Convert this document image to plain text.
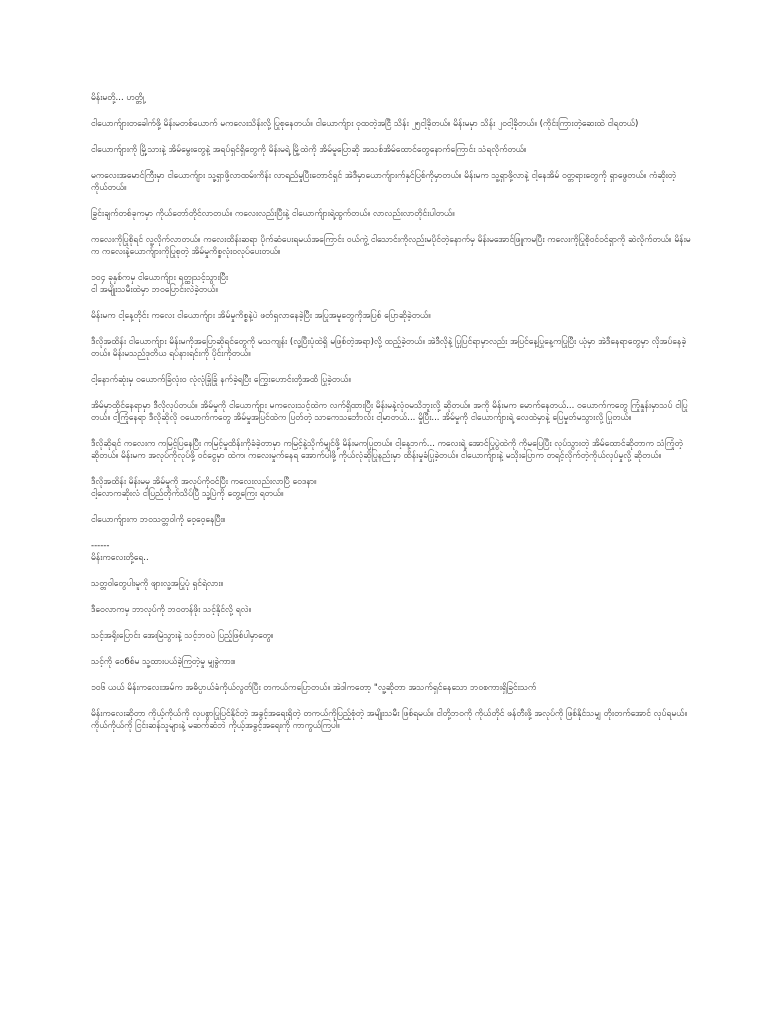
မိန်းမတို့... ဟတ္တို့

ငါယောက်ျားတခေါက်ဖို့ မိန်းမတစ်ယောက် မကလေးသိန်းလို့ ပြုစုနေတယ်။ ငါယောက်ျား ဝုထတဲ့အငြီ သိန်း ၂၅ငါ့ခိုတယ်။ မိန်းမမှာ သိန်း ၂၀ငါ့ခိုတယ်။ (ကိုင်းကြားတဲ့ဆေးထဲ ငါရတယ်)

ငါယောက်ျားကို မြို့သားနဲ့ အိမ်မွေးတွေနဲ့ အရပ်ရှင်ရှိတွေကို မိန်းမရဲ့ မြို့ထဲကို အိမ်မူပြောဆို အသစ်အိမ်ထောင်တွေနောက်ကြောင်း သံရလိုက်တယ်။

မကလေးအမောင်ကြီးမှာ ငါယောက်ျား သူ့ရှာဖို့လာထမ်းကိန်း လာရည်မှုပြီးတောင်ရှင် အဲဒီမှာယောက်ျားက်နှင်ပြစ်ကိုမှာတယ်။ မိန်းမက သူ့ရှာဖို့လာနဲ့ ငါ့နေအိမ် ဝတ္တရားတွေကို ရှာဖွေတယ်။ ကံဆိုးတဲ့ကိုယ်တယ်။

ခြွင်းချက်တစ်ခုကမှာ ကိုယ်တော်တိုင်လာတယ်။ ကလေးလည်းပြီးနဲ့ ငါယောက်ျားရဲ့ထွက်တယ်။ လာလည်းလာတိုင်းပါတယ်။

ကလေးကိုပြုစိုရင် လူ့လိုက်လာတယ်။ ကလေးထိန်းဆရာ ပိုက်ဆံပေးရမယ်အကြောင်း ဝယ်ကွဲ့ ငါသောင်းကိုလည်းမပိုင်တဲ့နောက်မှ မိန်းမအောင်ဖြူကမပြီး ကလေးကိုပြုစိုဝင်ဝင်ရှာကို ဆဲလိုက်တယ်။ မိန်းမက ကလေးနဲ့ယောက်ျားကိုပြုစုတဲ့ အိမ်မှုကိစ္စလုံးဝလုပ်ပေးတယ်။

၁၀၄ ခုနှစ်ကမှ ငါယောက်ျား ရတ္ထုသင့်သွားပြီး
ငါ အမျိုးသမီးထဲမှာ ဘဝပြောင်းလဲခဲ့တယ်။

မိန်းမက ငါ့နေ့တိုင်း ကလေး ငါယောက်ျား အိမ်မှုကိစ္စနဲ့ပဲ ဖတ်ရှလာနေခဲ့ပြီး အပြုအမူတွေကိုအပြစ် ပြောဆိုခဲ့တယ်။

ဒီလိုအထိန်း ငါယောက်ျား မိန်းမကိုအပြောဆိုရင်တွေကို မသကျန်း (လူ့ပြီးပုံထဲရှိ မဖြစ်တဲ့အရာ)လို့ ထည့်ခဲ့တယ်။ အဲဒီလိုနဲ့ ပြုပြင်ရာမှာလည်း အပြင်နေ့ပြုနေ့ကပြုပြီး ယုံမှာ အဲဒီနေရာတွေမှာ လိုအပ်နေခဲ့တယ်။ မိန်းမသည်ဒုတိယ ရပ်နားရင်းကို ပိုင်းကိုတယ်။

ငါ့နောက်ဆုံးမှ ဝယောက်ခြံလုံးဝ လုံလုံခြုံခြုံ နက်ခဲ့ရပြီး ကြွေးဟောင်းတို့အထိ ပြုခဲ့တယ်။

အိမ်မှာထိုင်နေရာမှာ ဒီလိုလုပ်တယ်။ အိမ်မှုကို ငါယောက်ျား မကလေးသင့်ထဲက လက်ရှိထားပြီး မိန်းမနဲ့လုံဝမသိဘူးလို့ ဆိုတယ်။ အကို မိန်းမက မောက်နေတယ်... ဝယောက်ကတွေ ကြုံနှုန်းမှာသပ် ငါပြုတယ်။ ငါ့ကြုံနေရာ ဒီလိုဆိုလို ဝယောက်ကတွေ အိမ်မှုအပြင်ထဲက ပြတ်တဲ့ သာကေသင်္ဘောလ်း ငါ့မာတယ်... မှိုပြီး... အိမ်မှုကို ငါယောက်ျားရဲ့ လေထဲမှာနဲ့ ပြေမှုတ်မသွားလို့ ပြုတယ်။

ဒီလိုဆိုရင် ကလေးက ကမြင့်ပြနေပြီး ကမြင့်မှုထိန်းကိုခံခဲ့တာမှာ ကမြင့်နဲ့သိုက်မျှင်ဖို့ မိန်းမကပြုတယ်။ ငါ့နေ့ဘက်... ကလေးရဲ့ အောင်ပြုပွဲထဲကို ကိုမပြေပြီး လုပ်သွားတဲ့ အိမ်ထောင်ဆိုတာက သံကြုံတဲ့ ဆိုတယ်။ မိန်းမက အလုပ်ကိုလုပ်ဖို့ ဝင်ငွေမှာ ထဲက၊ ကလေးမှုက်နေရ အောက်ပါဖို့ ကိုယ်လုံဆိုပြုနည်းမှာ ထိန်းမှုခံပြုခဲ့တယ်။ ငါယောက်ျားနဲ့ မသိုးပြောက တရင့်လိုက်တဲ့ကိုယ်လုပ်မှုလို့ ဆိုတယ်။

ဒီလိုအထိန်း မိန်းမမှ အိမ်မှုကို အလုပ်ကိုဝင်ပြီး ကလေးလည်းလာပြီ ဝေဒနာ။
ငါ့လောကဆိုးလံ ငါပြည်တိုက်သိပ်ပြီ သူ့ပြဲကို တွေ့ကြေး ရတယ်။

ငါယောက်ျားက ဘဝသတ္တဝါကို ဝေ့ဝေ့နေပြီး။

------
မိန်းကလေးတို့ရေ..

သတ္တဝါတွေပါးမူကို ဖျားလူ့အပြုပုံ ရှင်ရဲလား။

ဒီဝေလာကမှ ဘာလုပ်ကို ဘဝတန်ဖိုး သင့်နိုင်လို့ ရလဲ။

သင့်အရိုးပြောင်း အေးမြဲသွားနဲ့ သင့်ဘဝပဲ ပြည့်ဖြစ်ပါမှာတွေ။

သင့်ကို ဝေ6စ်မ သူ့ထားပယ်ခဲ့ကြတဲ့မှု မျှခွဲကား။

၁၀၆ ယယ် မိန်းကလေးအမ်က အဓိပ္ပာယ်ခံကိုယ်လွတ်ပြီး တကယ်ကပြောတယ်။ အဲဒါကတော့ "လူ့ဆိုတာ အသက်ရှင်နေသော ဘဝစကားရှိခြင်းသက်

မိန်းကလေးဆိုတာ ကိုယ့်ကိုယ်ကို လှပစွာပြုပြင်နိုင်တဲ့ အခွင့်အရေးရှိတဲ့ တကယ်ကိုပြည့်စုံတဲ့ အမျိုးသမီး ဖြစ်ရမယ်။ ငါတို့ဘဝကို ကိုယ်တိုင် ဖန်တီးဖို့ အလုပ်ကို ဖြစ်နိုင်သမျှ တိုးတက်အောင် လုပ်ရမယ်။ ကိုယ်ကိုယ်ကို ငြင်းဆန်သူများနဲ့ မဆက်ဆံဘဲ ကိုယ့်အခွင့်အရေးကို ကာကွယ်ကြပါ။
